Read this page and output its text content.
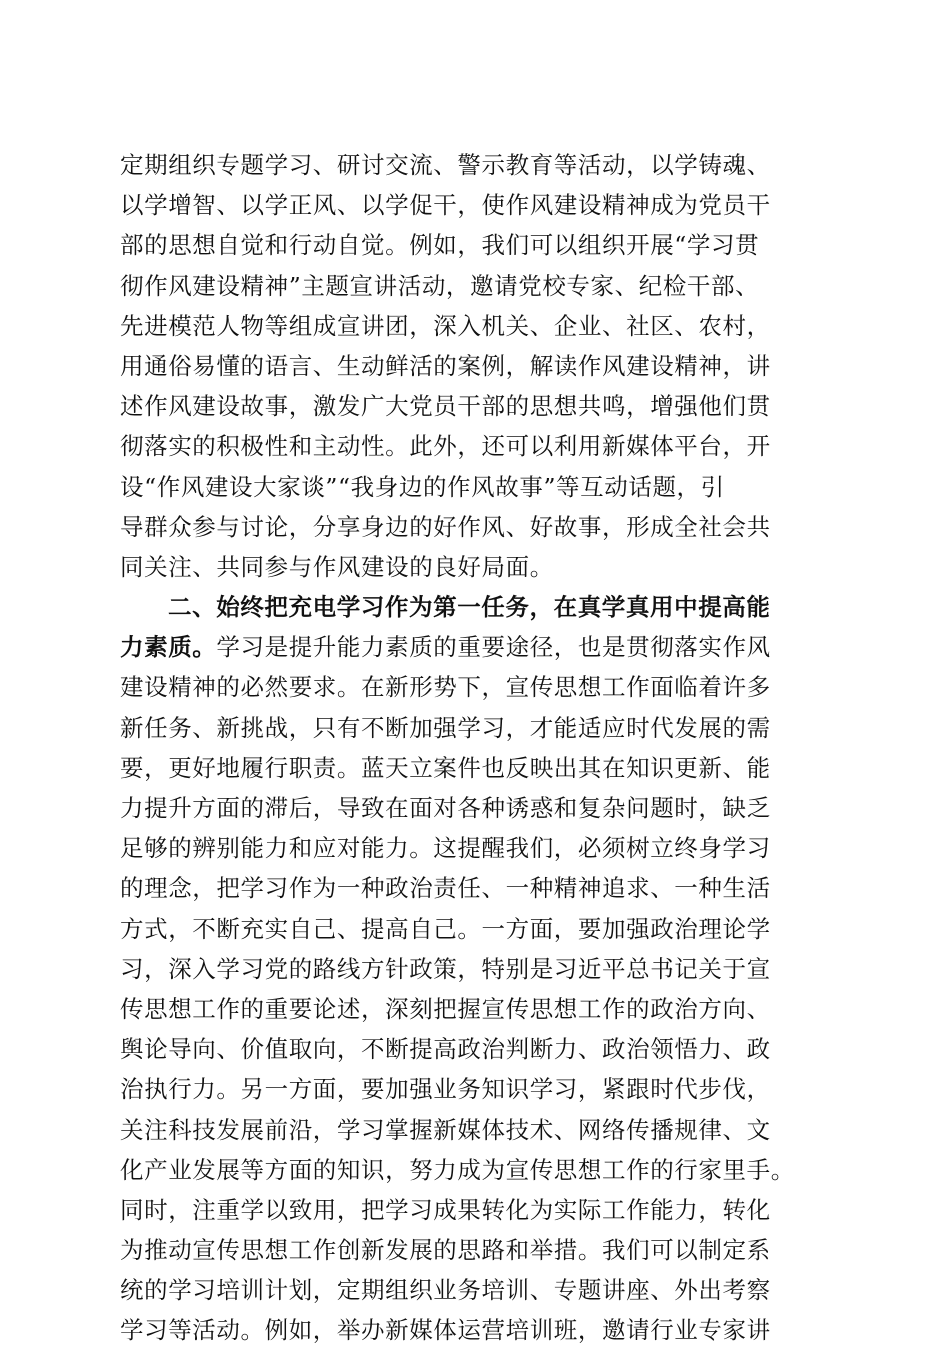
定期组织专题学习、研讨交流、警示教育等活动，以学铸魂、
以学增智、以学正风、以学促干，使作风建设精神成为党员干
部的思想自觉和行动自觉。例如，我们可以组织开展“学习贯
彻作风建设精神”主题宣讲活动，邀请党校专家、纪检干部、
先进模范人物等组成宣讲团，深入机关、企业、社区、农村，
用通俗易懂的语言、生动鲜活的案例，解读作风建设精神，讲
述作风建设故事，激发广大党员干部的思想共鸣，增强他们贯
彻落实的积极性和主动性。此外，还可以利用新媒体平台，开
设“作风建设大家谈”“我身边的作风故事”等互动话题，引
导群众参与讨论，分享身边的好作风、好故事，形成全社会共
同关注、共同参与作风建设的良好局面。
二、始终把充电学习作为第一任务，在真学真用中提高能
力素质。学习是提升能力素质的重要途径，也是贯彻落实作风
建设精神的必然要求。在新形势下，宣传思想工作面临着许多
新任务、新挑战，只有不断加强学习，才能适应时代发展的需
要，更好地履行职责。蓝天立案件也反映出其在知识更新、能
力提升方面的滞后，导致在面对各种诱惑和复杂问题时，缺乏
足够的辨别能力和应对能力。这提醒我们，必须树立终身学习
的理念，把学习作为一种政治责任、一种精神追求、一种生活
方式，不断充实自己、提高自己。一方面，要加强政治理论学
习，深入学习党的路线方针政策，特别是习近平总书记关于宣
传思想工作的重要论述，深刻把握宣传思想工作的政治方向、
舆论导向、价值取向，不断提高政治判断力、政治领悟力、政
治执行力。另一方面，要加强业务知识学习，紧跟时代步伐，
关注科技发展前沿，学习掌握新媒体技术、网络传播规律、文
化产业发展等方面的知识，努力成为宣传思想工作的行家里手。
同时，注重学以致用，把学习成果转化为实际工作能力，转化
为推动宣传思想工作创新发展的思路和举措。我们可以制定系
统的学习培训计划，定期组织业务培训、专题讲座、外出考察
学习等活动。例如，举办新媒体运营培训班，邀请行业专家讲
